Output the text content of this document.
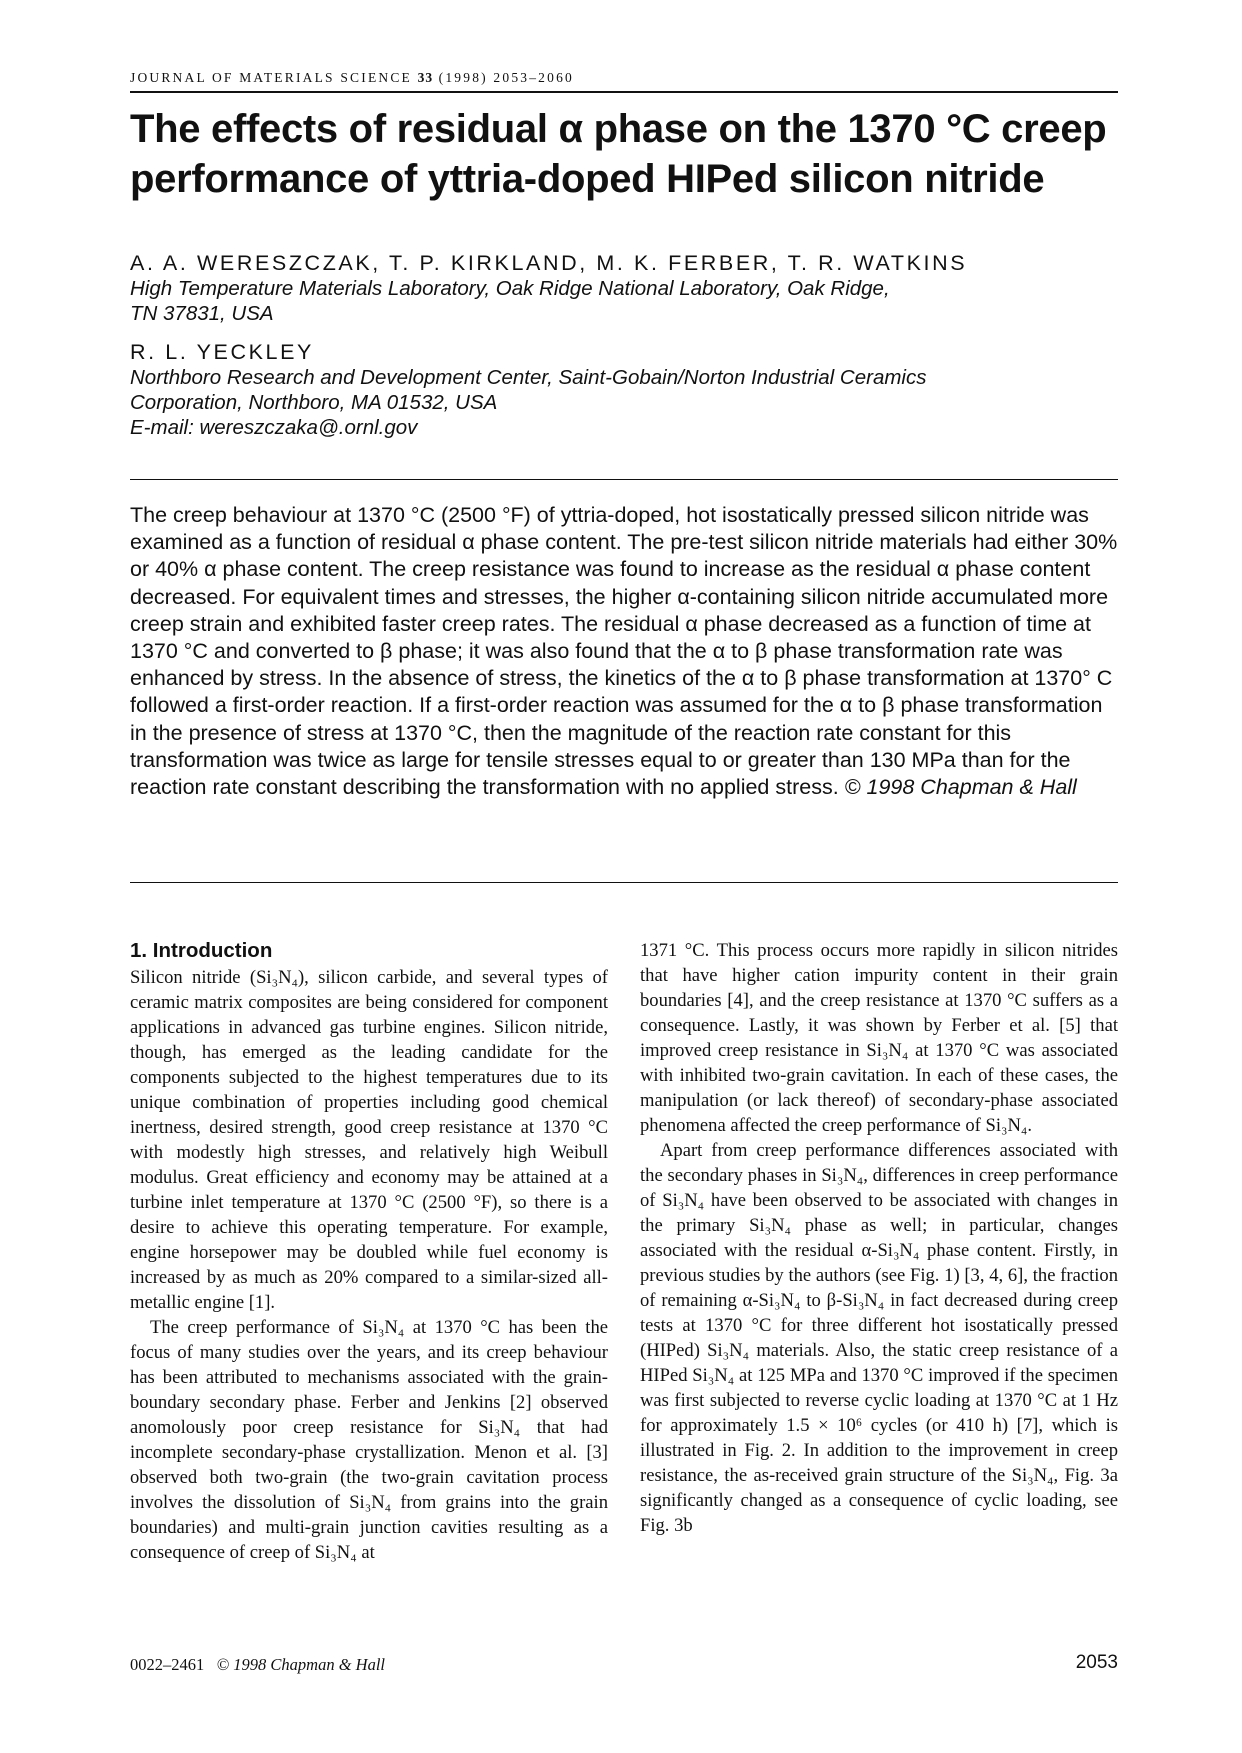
JOURNAL OF MATERIALS SCIENCE 33 (1998) 2053–2060
The effects of residual α phase on the 1370 °C creep
performance of yttria-doped HIPed silicon nitride
A. A. WERESZCZAK, T. P. KIRKLAND, M. K. FERBER, T. R. WATKINS
High Temperature Materials Laboratory, Oak Ridge National Laboratory, Oak Ridge,
TN 37831, USA
R. L. YECKLEY
Northboro Research and Development Center, Saint-Gobain/Norton Industrial Ceramics
Corporation, Northboro, MA 01532, USA
E-mail: wereszczaka@.ornl.gov

The creep behaviour at 1370 °C (2500 °F) of yttria-doped, hot isostatically pressed silicon nitride was examined as a function of residual α phase content. The pre-test silicon nitride materials had either 30% or 40% α phase content. The creep resistance was found to increase as the residual α phase content decreased. For equivalent times and stresses, the higher α-containing silicon nitride accumulated more creep strain and exhibited faster creep rates. The residual α phase decreased as a function of time at 1370 °C and converted to β phase; it was also found that the α to β phase transformation rate was enhanced by stress. In the absence of stress, the kinetics of the α to β phase transformation at 1370° C followed a first-order reaction. If a first-order reaction was assumed for the α to β phase transformation in the presence of stress at 1370 °C, then the magnitude of the reaction rate constant for this transformation was twice as large for tensile stresses equal to or greater than 130 MPa than for the reaction rate constant describing the transformation with no applied stress. © 1998 Chapman & Hall

1. Introduction

Silicon nitride (Si₃N₄), silicon carbide, and several types of ceramic matrix composites are being considered for component applications in advanced gas turbine engines. Silicon nitride, though, has emerged as the leading candidate for the components subjected to the highest temperatures due to its unique combination of properties including good chemical inertness, desired strength, good creep resistance at 1370 °C with modestly high stresses, and relatively high Weibull modulus. Great efficiency and economy may be attained at a turbine inlet temperature at 1370 °C (2500 °F), so there is a desire to achieve this operating temperature. For example, engine horsepower may be doubled while fuel economy is increased by as much as 20% compared to a similar-sized all-metallic engine [1].

The creep performance of Si₃N₄ at 1370 °C has been the focus of many studies over the years, and its creep behaviour has been attributed to mechanisms associated with the grain-boundary secondary phase. Ferber and Jenkins [2] observed anomolously poor creep resistance for Si₃N₄ that had incomplete secondary-phase crystallization. Menon et al. [3] observed both two-grain (the two-grain cavitation process involves the dissolution of Si₃N₄ from grains into the grain boundaries) and multi-grain junction cavities resulting as a consequence of creep of Si₃N₄ at

1371 °C. This process occurs more rapidly in silicon nitrides that have higher cation impurity content in their grain boundaries [4], and the creep resistance at 1370 °C suffers as a consequence. Lastly, it was shown by Ferber et al. [5] that improved creep resistance in Si₃N₄ at 1370 °C was associated with inhibited two-grain cavitation. In each of these cases, the manipulation (or lack thereof) of secondary-phase associated phenomena affected the creep performance of Si₃N₄.

Apart from creep performance differences associated with the secondary phases in Si₃N₄, differences in creep performance of Si₃N₄ have been observed to be associated with changes in the primary Si₃N₄ phase as well; in particular, changes associated with the residual α-Si₃N₄ phase content. Firstly, in previous studies by the authors (see Fig. 1) [3, 4, 6], the fraction of remaining α-Si₃N₄ to β-Si₃N₄ in fact decreased during creep tests at 1370 °C for three different hot isostatically pressed (HIPed) Si₃N₄ materials. Also, the static creep resistance of a HIPed Si₃N₄ at 125 MPa and 1370 °C improved if the specimen was first subjected to reverse cyclic loading at 1370 °C at 1 Hz for approximately 1.5 × 10⁶ cycles (or 410 h) [7], which is illustrated in Fig. 2. In addition to the improvement in creep resistance, the as-received grain structure of the Si₃N₄, Fig. 3a significantly changed as a consequence of cyclic loading, see Fig. 3b

0022–2461 © 1998 Chapman & Hall	2053
